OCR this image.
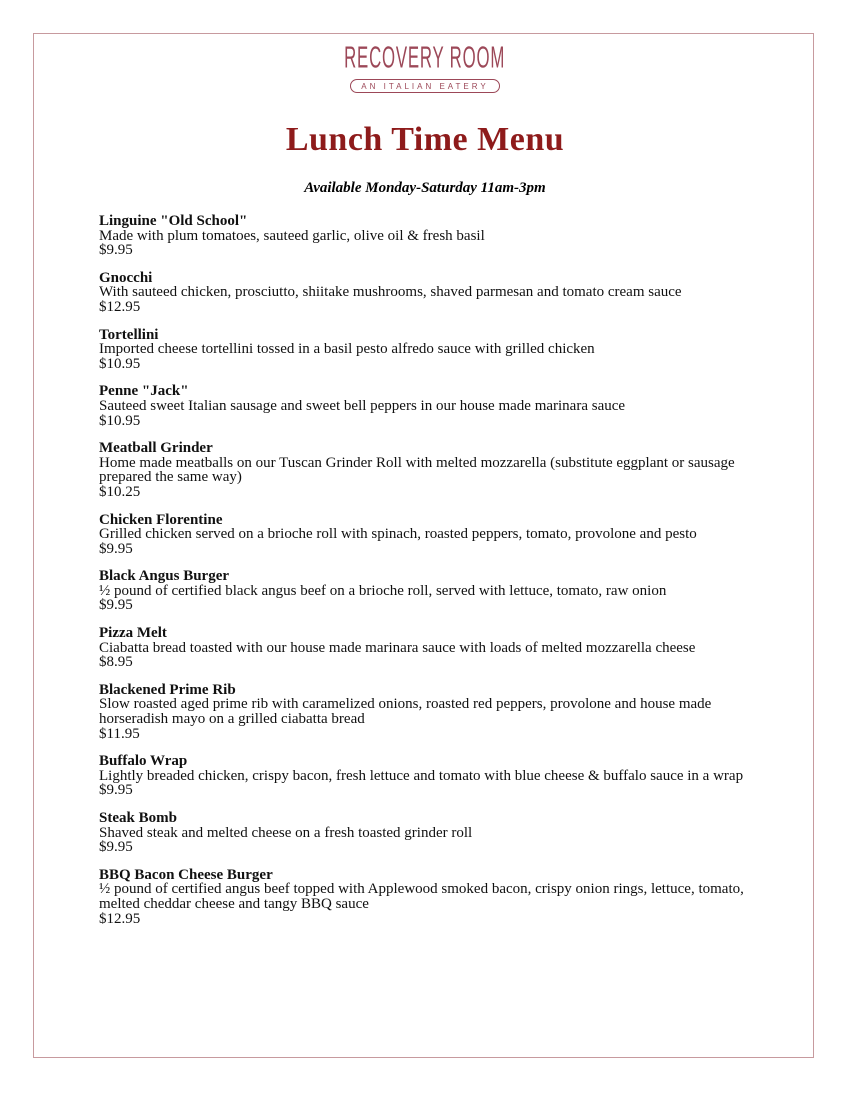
RECOVERY ROOM
AN ITALIAN EATERY
Lunch Time Menu
Available Monday-Saturday 11am-3pm
Linguine "Old School"
Made with plum tomatoes, sauteed garlic, olive oil & fresh basil
$9.95
Gnocchi
With sauteed chicken, prosciutto, shiitake mushrooms, shaved parmesan and tomato cream sauce
$12.95
Tortellini
Imported cheese tortellini tossed in a basil pesto alfredo sauce with grilled chicken
$10.95
Penne "Jack"
Sauteed sweet Italian sausage and sweet bell peppers in our house made marinara sauce
$10.95
Meatball Grinder
Home made meatballs on our Tuscan Grinder Roll with melted mozzarella (substitute eggplant or sausage prepared the same way)
$10.25
Chicken Florentine
Grilled chicken served on a brioche roll with spinach, roasted peppers, tomato, provolone and pesto
$9.95
Black Angus Burger
½ pound of certified black angus beef on a brioche roll, served with lettuce, tomato, raw onion
$9.95
Pizza Melt
Ciabatta bread toasted with our house made marinara sauce with loads of melted mozzarella cheese
$8.95
Blackened Prime Rib
Slow roasted aged prime rib with caramelized onions, roasted red peppers, provolone and house made horseradish mayo on a grilled ciabatta bread
$11.95
Buffalo Wrap
Lightly breaded chicken, crispy bacon, fresh lettuce and tomato with blue cheese & buffalo sauce in a wrap
$9.95
Steak Bomb
Shaved steak and melted cheese on a fresh toasted grinder roll
$9.95
BBQ Bacon Cheese Burger
½ pound of certified angus beef topped with Applewood smoked bacon, crispy onion rings, lettuce, tomato, melted cheddar cheese and tangy BBQ sauce
$12.95
